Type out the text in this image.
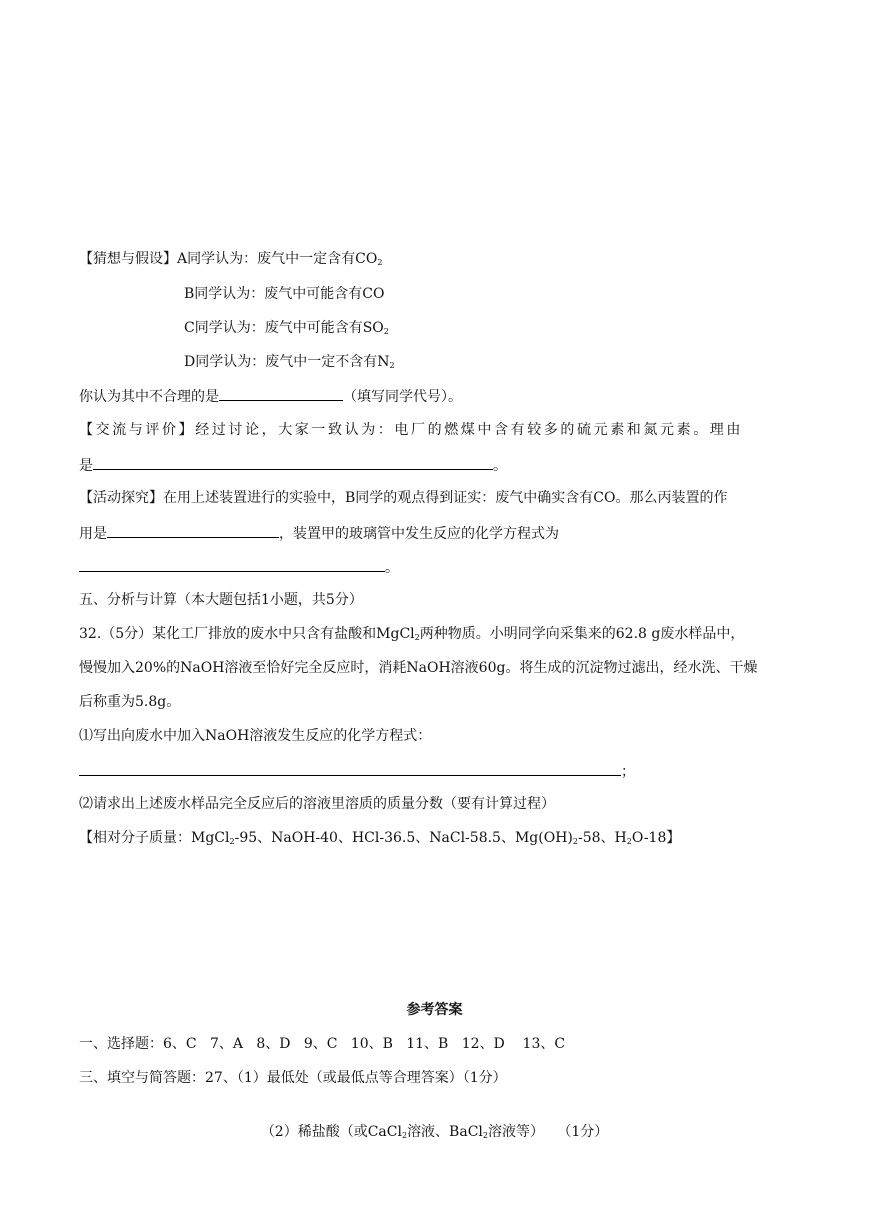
【猜想与假设】A同学认为：废气中一定含有$CO_2$
B同学认为：废气中可能含有CO
C同学认为：废气中可能含有$SO_2$
D同学认为：废气中一定不含有$N_2$
你认为其中不合理的是	（填写同学代号）。
【交流与评价】经过讨论，大家一致认为：电厂的燃煤中含有较多的硫元素和氮元素。理由
是	。
【活动探究】在用上述装置进行的实验中，B同学的观点得到证实：废气中确实含有CO。那么丙装置的作
用是	，装置甲的玻璃管中发生反应的化学方程式为
。
五、分析与计算（本大题包括1小题，共5分）
32.（5分）某化工厂排放的废水中只含有盐酸和MgCl$_2$两种物质。小明同学向采集来的62.8 g废水样品中，
慢慢加入20%的NaOH溶液至恰好完全反应时，消耗NaOH溶液60g。将生成的沉淀物过滤出，经水洗、干燥
后称重为5.8g。
⑴写出向废水中加入NaOH溶液发生反应的化学方程式：
；
⑵请求出上述废水样品完全反应后的溶液里溶质的质量分数（要有计算过程）
【相对分子质量：MgCl$_2$-95、NaOH-40、HCl-36.5、NaCl-58.5、$Mg(OH)_2-58$、$H_2O-18$】
参考答案
一、选择题：6、C   7、A   8、D   9、C   10、B   11、B   12、D    13、C
三、填空与简答题：27、（1）最低处（或最低点等合理答案）（1分）

（2）稀盐酸（或CaCl$_2$溶液、BaCl$_2$溶液等）   （1分）
